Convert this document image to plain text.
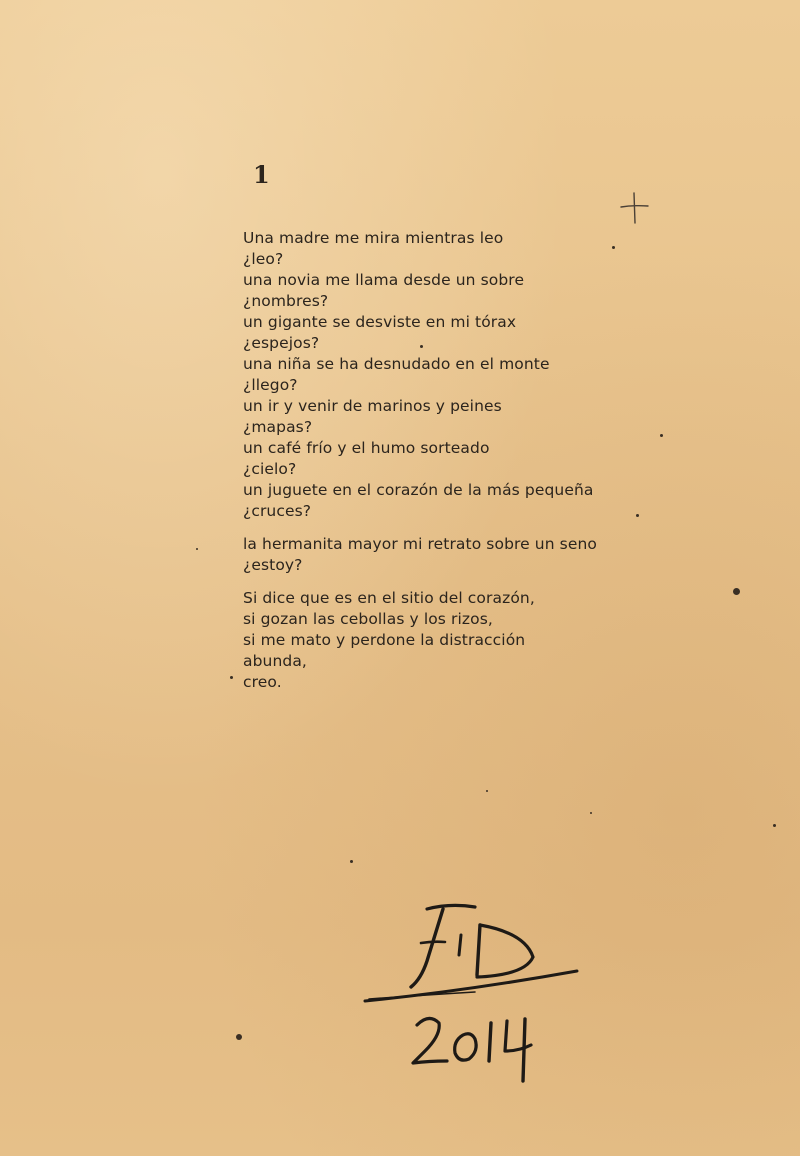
1
Una madre me mira mientras leo
¿leo?
una novia me llama desde un sobre
¿nombres?
un gigante se desviste en mi tórax
¿espejos?
una niña se ha desnudado en el monte
¿llego?
un ir y venir de marinos y peines
¿mapas?
un café frío y el humo sorteado
¿cielo?
un juguete en el corazón de la más pequeña
¿cruces?
la hermanita mayor mi retrato sobre un seno
¿estoy?
Si dice que es en el sitio del corazón,
si gozan las cebollas y los rizos,
si me mato y perdone la distracción
abunda,
creo.
